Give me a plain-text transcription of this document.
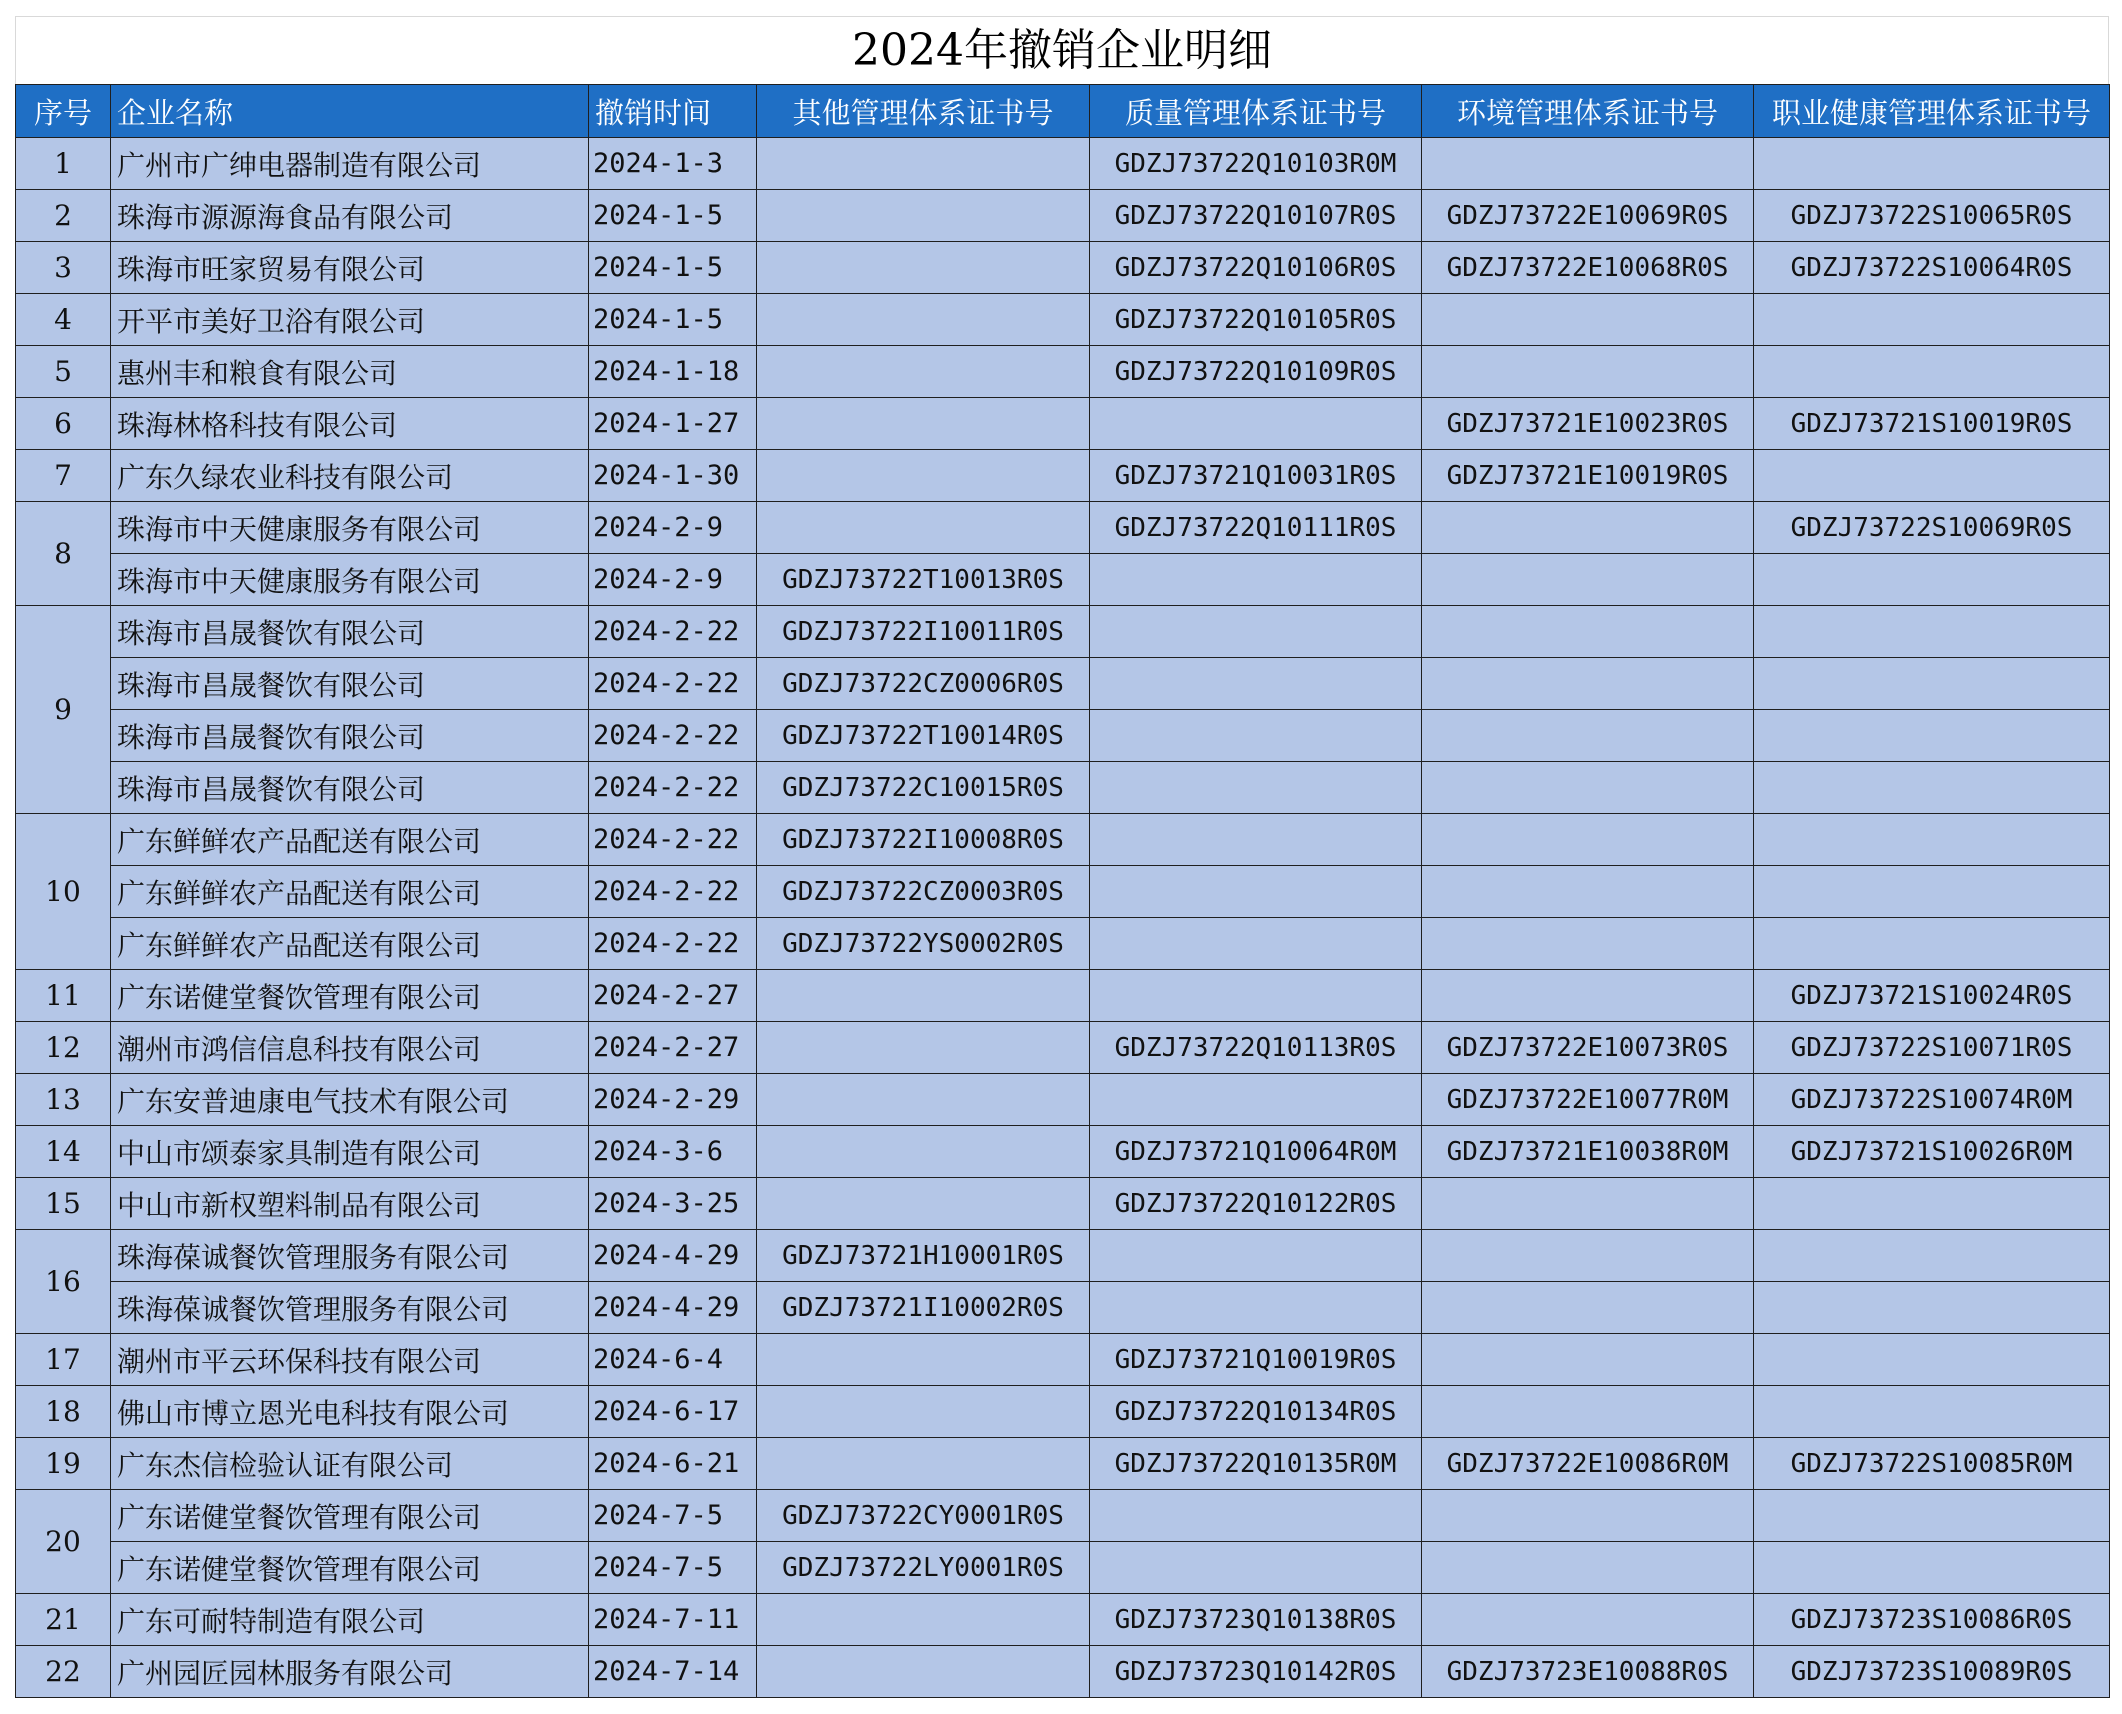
2024年撤销企业明细
序号	企业名称	撤销时间	其他管理体系证书号	质量管理体系证书号	环境管理体系证书号	职业健康管理体系证书号
1	广州市广绅电器制造有限公司	2024-1-3		GDZJ73722Q10103R0M		
2	珠海市源源海食品有限公司	2024-1-5		GDZJ73722Q10107R0S	GDZJ73722E10069R0S	GDZJ73722S10065R0S
3	珠海市旺家贸易有限公司	2024-1-5		GDZJ73722Q10106R0S	GDZJ73722E10068R0S	GDZJ73722S10064R0S
4	开平市美好卫浴有限公司	2024-1-5		GDZJ73722Q10105R0S		
5	惠州丰和粮食有限公司	2024-1-18		GDZJ73722Q10109R0S		
6	珠海林格科技有限公司	2024-1-27			GDZJ73721E10023R0S	GDZJ73721S10019R0S
7	广东久绿农业科技有限公司	2024-1-30		GDZJ73721Q10031R0S	GDZJ73721E10019R0S	
8	珠海市中天健康服务有限公司	2024-2-9		GDZJ73722Q10111R0S		GDZJ73722S10069R0S
	珠海市中天健康服务有限公司	2024-2-9	GDZJ73722T10013R0S			
9	珠海市昌晟餐饮有限公司	2024-2-22	GDZJ73722I10011R0S			
	珠海市昌晟餐饮有限公司	2024-2-22	GDZJ73722CZ0006R0S			
	珠海市昌晟餐饮有限公司	2024-2-22	GDZJ73722T10014R0S			
	珠海市昌晟餐饮有限公司	2024-2-22	GDZJ73722C10015R0S			
10	广东鲜鲜农产品配送有限公司	2024-2-22	GDZJ73722I10008R0S			
	广东鲜鲜农产品配送有限公司	2024-2-22	GDZJ73722CZ0003R0S			
	广东鲜鲜农产品配送有限公司	2024-2-22	GDZJ73722YS0002R0S			
11	广东诺健堂餐饮管理有限公司	2024-2-27				GDZJ73721S10024R0S
12	潮州市鸿信信息科技有限公司	2024-2-27		GDZJ73722Q10113R0S	GDZJ73722E10073R0S	GDZJ73722S10071R0S
13	广东安普迪康电气技术有限公司	2024-2-29			GDZJ73722E10077R0M	GDZJ73722S10074R0M
14	中山市颂泰家具制造有限公司	2024-3-6		GDZJ73721Q10064R0M	GDZJ73721E10038R0M	GDZJ73721S10026R0M
15	中山市新权塑料制品有限公司	2024-3-25		GDZJ73722Q10122R0S		
16	珠海葆诚餐饮管理服务有限公司	2024-4-29	GDZJ73721H10001R0S			
	珠海葆诚餐饮管理服务有限公司	2024-4-29	GDZJ73721I10002R0S			
17	潮州市平云环保科技有限公司	2024-6-4		GDZJ73721Q10019R0S		
18	佛山市博立恩光电科技有限公司	2024-6-17		GDZJ73722Q10134R0S		
19	广东杰信检验认证有限公司	2024-6-21		GDZJ73722Q10135R0M	GDZJ73722E10086R0M	GDZJ73722S10085R0M
20	广东诺健堂餐饮管理有限公司	2024-7-5	GDZJ73722CY0001R0S			
	广东诺健堂餐饮管理有限公司	2024-7-5	GDZJ73722LY0001R0S			
21	广东可耐特制造有限公司	2024-7-11		GDZJ73723Q10138R0S		GDZJ73723S10086R0S
22	广州园匠园林服务有限公司	2024-7-14		GDZJ73723Q10142R0S	GDZJ73723E10088R0S	GDZJ73723S10089R0S
